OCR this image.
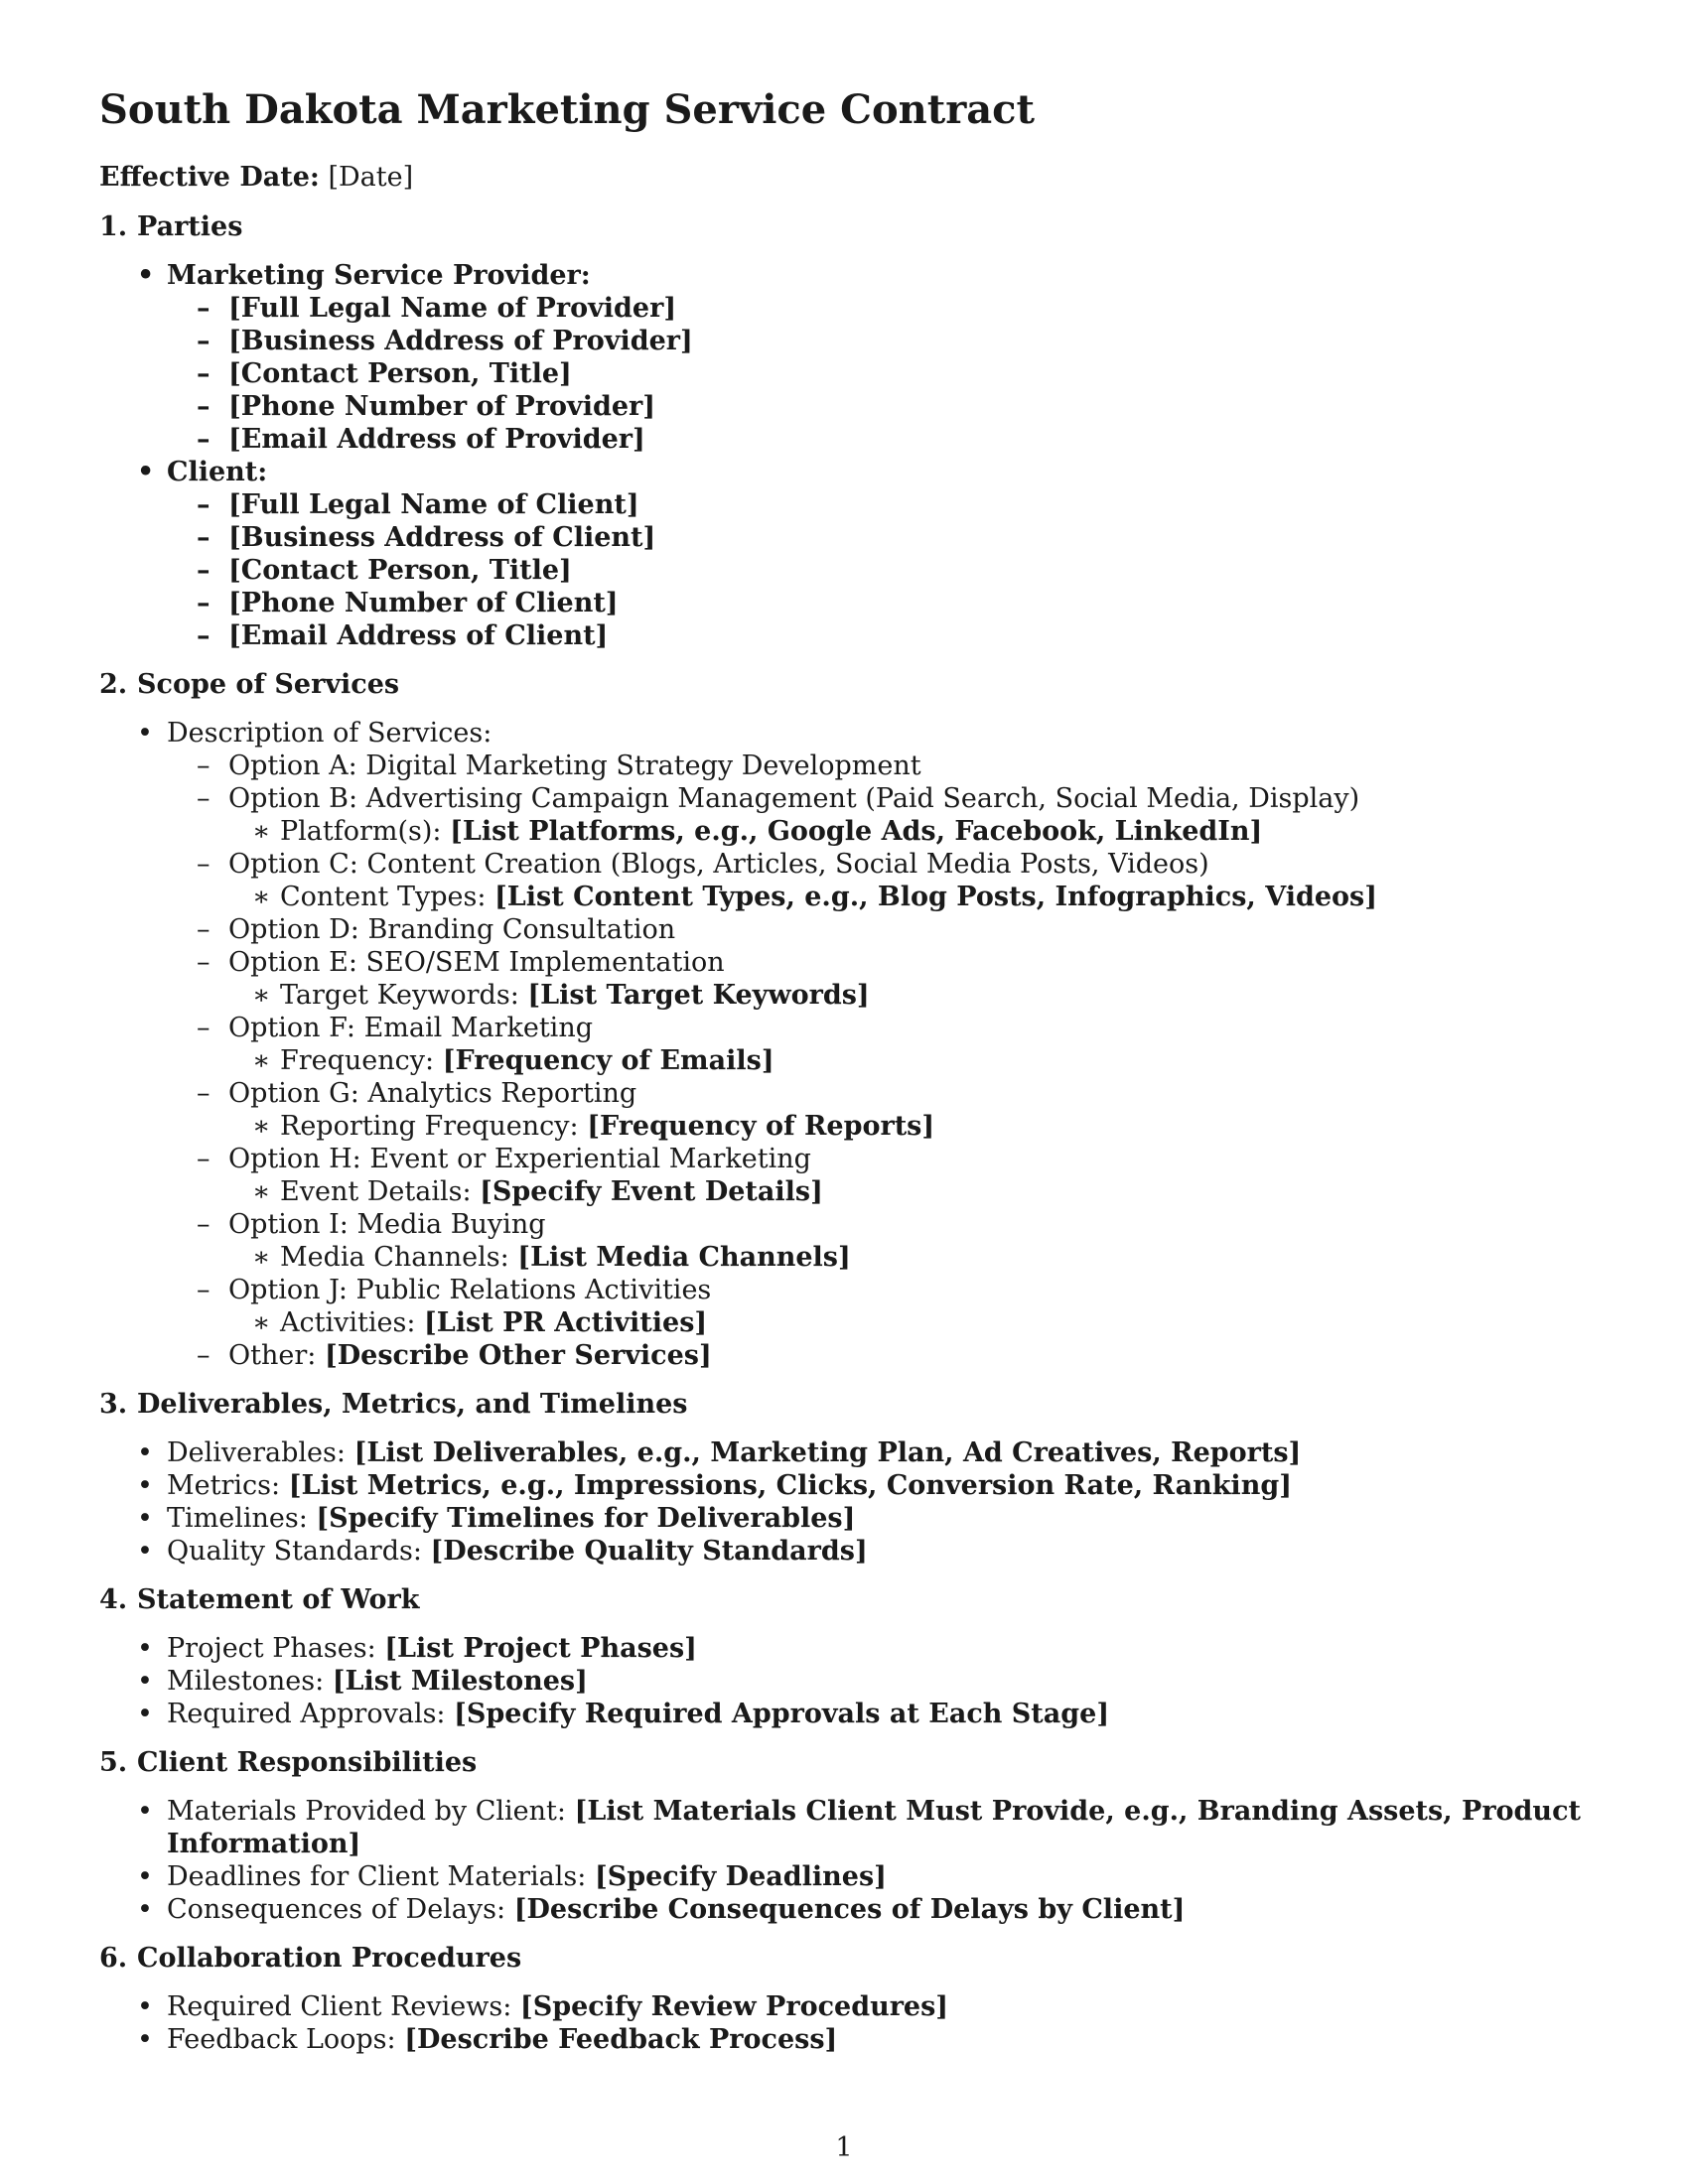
South Dakota Marketing Service Contract
Effective Date: [Date]
1. Parties
• Marketing Service Provider:
– [Full Legal Name of Provider]
– [Business Address of Provider]
– [Contact Person, Title]
– [Phone Number of Provider]
– [Email Address of Provider]
• Client:
– [Full Legal Name of Client]
– [Business Address of Client]
– [Contact Person, Title]
– [Phone Number of Client]
– [Email Address of Client]
2. Scope of Services
• Description of Services:
– Option A: Digital Marketing Strategy Development
– Option B: Advertising Campaign Management (Paid Search, Social Media, Display)
∗ Platform(s): [List Platforms, e.g., Google Ads, Facebook, LinkedIn]
– Option C: Content Creation (Blogs, Articles, Social Media Posts, Videos)
∗ Content Types: [List Content Types, e.g., Blog Posts, Infographics, Videos]
– Option D: Branding Consultation
– Option E: SEO/SEM Implementation
∗ Target Keywords: [List Target Keywords]
– Option F: Email Marketing
∗ Frequency: [Frequency of Emails]
– Option G: Analytics Reporting
∗ Reporting Frequency: [Frequency of Reports]
– Option H: Event or Experiential Marketing
∗ Event Details: [Specify Event Details]
– Option I: Media Buying
∗ Media Channels: [List Media Channels]
– Option J: Public Relations Activities
∗ Activities: [List PR Activities]
– Other: [Describe Other Services]
3. Deliverables, Metrics, and Timelines
• Deliverables: [List Deliverables, e.g., Marketing Plan, Ad Creatives, Reports]
• Metrics: [List Metrics, e.g., Impressions, Clicks, Conversion Rate, Ranking]
• Timelines: [Specify Timelines for Deliverables]
• Quality Standards: [Describe Quality Standards]
4. Statement of Work
• Project Phases: [List Project Phases]
• Milestones: [List Milestones]
• Required Approvals: [Specify Required Approvals at Each Stage]
5. Client Responsibilities
• Materials Provided by Client: [List Materials Client Must Provide, e.g., Branding Assets, Product Information]
• Deadlines for Client Materials: [Specify Deadlines]
• Consequences of Delays: [Describe Consequences of Delays by Client]
6. Collaboration Procedures
• Required Client Reviews: [Specify Review Procedures]
• Feedback Loops: [Describe Feedback Process]
1
